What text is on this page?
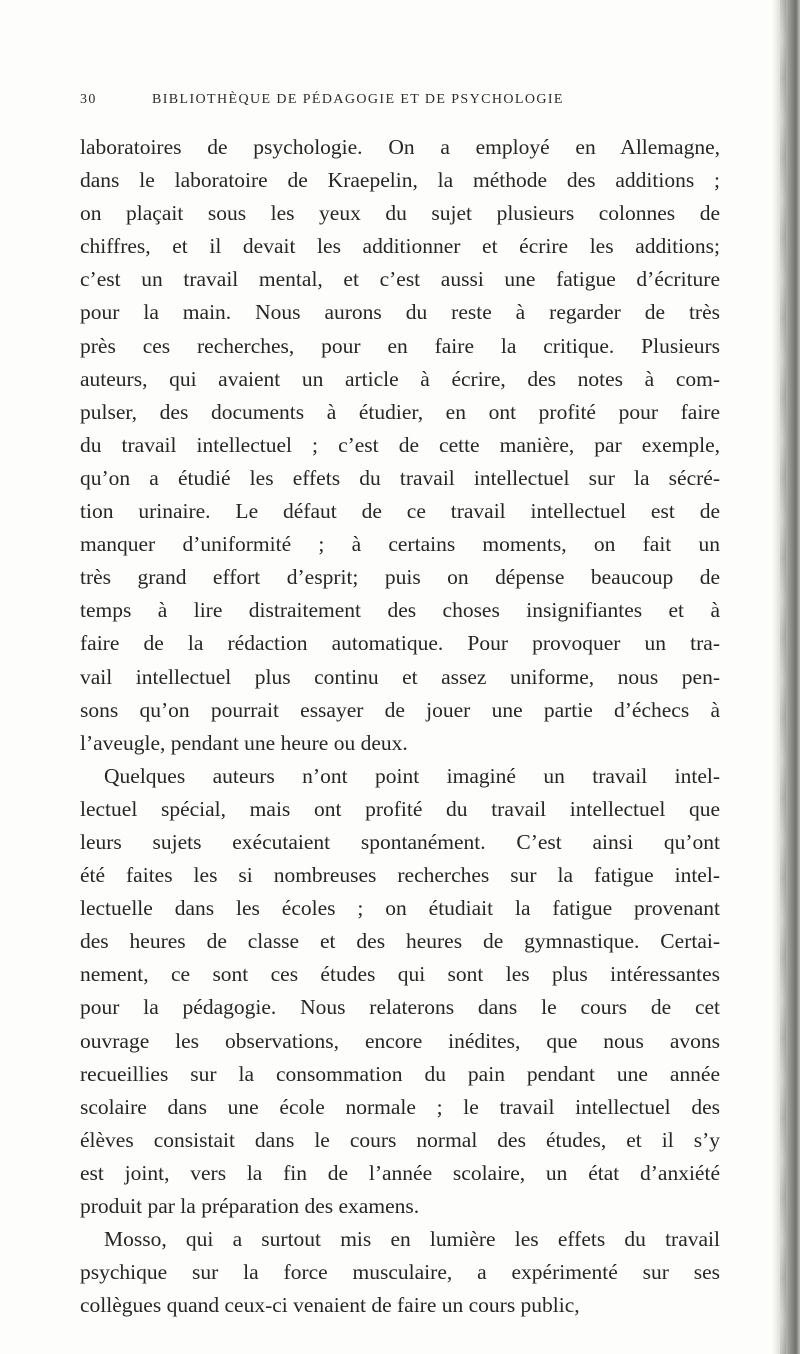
30	BIBLIOTHÈQUE DE PÉDAGOGIE ET DE PSYCHOLOGIE
laboratoires de psychologie. On a employé en Allemagne,
dans le laboratoire de Kraepelin, la méthode des additions ;
on plaçait sous les yeux du sujet plusieurs colonnes de
chiffres, et il devait les additionner et écrire les additions;
c’est un travail mental, et c’est aussi une fatigue d’écriture
pour la main. Nous aurons du reste à regarder de très
près ces recherches, pour en faire la critique. Plusieurs
auteurs, qui avaient un article à écrire, des notes à com-
pulser, des documents à étudier, en ont profité pour faire
du travail intellectuel ; c’est de cette manière, par exemple,
qu’on a étudié les effets du travail intellectuel sur la sécré-
tion urinaire. Le défaut de ce travail intellectuel est de
manquer d’uniformité ; à certains moments, on fait un
très grand effort d’esprit; puis on dépense beaucoup de
temps à lire distraitement des choses insignifiantes et à
faire de la rédaction automatique. Pour provoquer un tra-
vail intellectuel plus continu et assez uniforme, nous pen-
sons qu’on pourrait essayer de jouer une partie d’échecs à
l’aveugle, pendant une heure ou deux.
Quelques auteurs n’ont point imaginé un travail intel-
lectuel spécial, mais ont profité du travail intellectuel que
leurs sujets exécutaient spontanément. C’est ainsi qu’ont
été faites les si nombreuses recherches sur la fatigue intel-
lectuelle dans les écoles ; on étudiait la fatigue provenant
des heures de classe et des heures de gymnastique. Certai-
nement, ce sont ces études qui sont les plus intéressantes
pour la pédagogie. Nous relaterons dans le cours de cet
ouvrage les observations, encore inédites, que nous avons
recueillies sur la consommation du pain pendant une année
scolaire dans une école normale ; le travail intellectuel des
élèves consistait dans le cours normal des études, et il s’y
est joint, vers la fin de l’année scolaire, un état d’anxiété
produit par la préparation des examens.
Mosso, qui a surtout mis en lumière les effets du travail
psychique sur la force musculaire, a expérimenté sur ses
collègues quand ceux-ci venaient de faire un cours public,
